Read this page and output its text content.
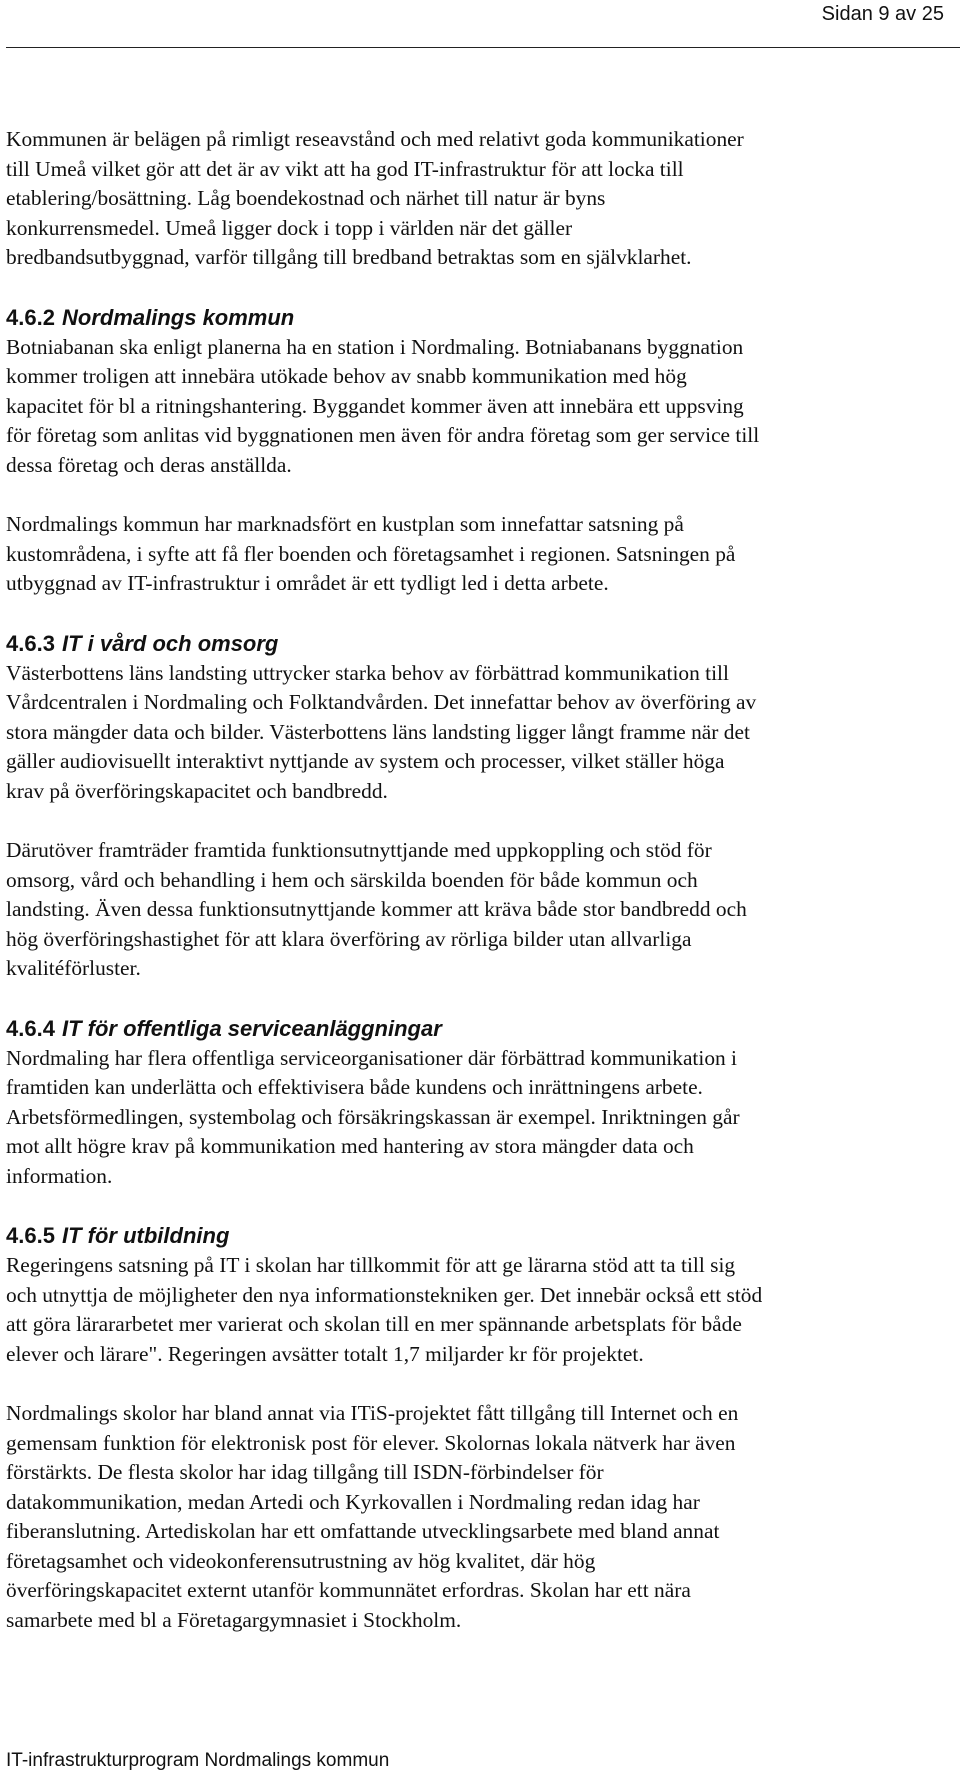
Sidan 9 av 25
Kommunen är belägen på rimligt reseavstånd och med relativt goda kommunikationer
till Umeå vilket gör att det är av vikt att ha god IT-infrastruktur för att locka till
etablering/bosättning. Låg boendekostnad och närhet till natur är byns
konkurrensmedel. Umeå ligger dock i topp i världen när det gäller
bredbandsutbyggnad, varför tillgång till bredband betraktas som en självklarhet.
4.6.2 Nordmalings kommun
Botniabanan ska enligt planerna ha en station i Nordmaling. Botniabanans byggnation
kommer troligen att innebära utökade behov av snabb kommunikation med hög
kapacitet för bl a ritningshantering. Byggandet kommer även att innebära ett uppsving
för företag som anlitas vid byggnationen men även för andra företag som ger service till
dessa företag och deras anställda.
Nordmalings kommun har marknadsfört en kustplan som innefattar satsning på
kustområdena, i syfte att få fler boenden och företagsamhet i regionen. Satsningen på
utbyggnad av IT-infrastruktur i området är ett tydligt led i detta arbete.
4.6.3 IT i vård och omsorg
Västerbottens läns landsting uttrycker starka behov av förbättrad kommunikation till
Vårdcentralen i Nordmaling och Folktandvården. Det innefattar behov av överföring av
stora mängder data och bilder. Västerbottens läns landsting ligger långt framme när det
gäller audiovisuellt interaktivt nyttjande av system och processer, vilket ställer höga
krav på överföringskapacitet och bandbredd.
Därutöver framträder framtida funktionsutnyttjande med uppkoppling och stöd för
omsorg, vård och behandling i hem och särskilda boenden för både kommun och
landsting. Även dessa funktionsutnyttjande kommer att kräva både stor bandbredd och
hög överföringshastighet för att klara överföring av rörliga bilder utan allvarliga
kvalitéförluster.
4.6.4 IT för offentliga serviceanläggningar
Nordmaling har flera offentliga serviceorganisationer där förbättrad kommunikation i
framtiden kan underlätta och effektivisera både kundens och inrättningens arbete.
Arbetsförmedlingen, systembolag och försäkringskassan är exempel. Inriktningen går
mot allt högre krav på kommunikation med hantering av stora mängder data och
information.
4.6.5 IT för utbildning
Regeringens satsning på IT i skolan har tillkommit för att ge lärarna stöd att ta till sig
och utnyttja de möjligheter den nya informationstekniken ger. Det innebär också ett stöd
att göra lärararbetet mer varierat och skolan till en mer spännande arbetsplats för både
elever och lärare". Regeringen avsätter totalt 1,7 miljarder kr för projektet.
Nordmalings skolor har bland annat via ITiS-projektet fått tillgång till Internet och en
gemensam funktion för elektronisk post för elever. Skolornas lokala nätverk har även
förstärkts. De flesta skolor har idag tillgång till ISDN-förbindelser för
datakommunikation, medan Artedi och Kyrkovallen i Nordmaling redan idag har
fiberanslutning. Artediskolan har ett omfattande utvecklingsarbete med bland annat
företagsamhet och videokonferensutrustning av hög kvalitet, där hög
överföringskapacitet externt utanför kommunnätet erfordras. Skolan har ett nära
samarbete med bl a Företagargymnasiet i Stockholm.
IT-infrastrukturprogram Nordmalings kommun
